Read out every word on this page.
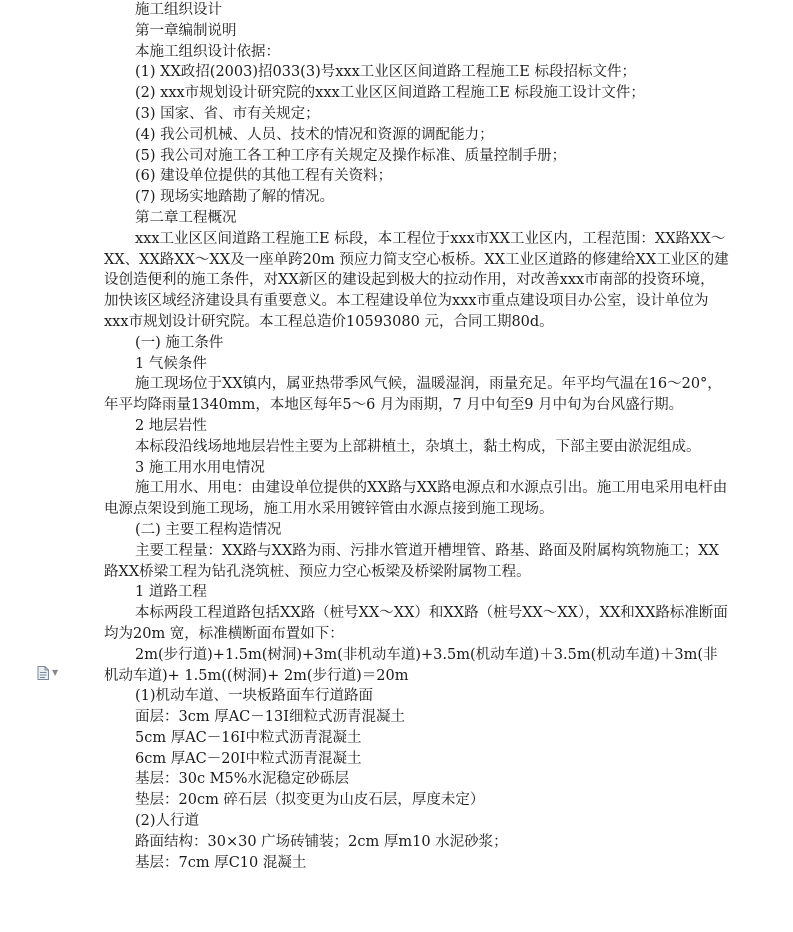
施工组织设计

第一章编制说明

本施工组织设计依据：

(1) XX政招(2003)招033(3)号xxx工业区区间道路工程施工E 标段招标文件；

(2) xxx市规划设计研究院的xxx工业区区间道路工程施工E 标段施工设计文件；

(3) 国家、省、市有关规定；

(4) 我公司机械、人员、技术的情况和资源的调配能力；

(5) 我公司对施工各工种工序有关规定及操作标准、质量控制手册；

(6) 建设单位提供的其他工程有关资料；

(7) 现场实地踏勘了解的情况。

第二章工程概况

xxx工业区区间道路工程施工E 标段，本工程位于xxx市XX工业区内，工程范围：XX路XX～XX、XX路XX～XX及一座单跨20m 预应力简支空心板桥。XX工业区道路的修建给XX工业区的建设创造便利的施工条件，对XX新区的建设起到极大的拉动作用，对改善xxx市南部的投资环境，加快该区域经济建设具有重要意义。本工程建设单位为xxx市重点建设项目办公室，设计单位为xxx市规划设计研究院。本工程总造价10593080 元，合同工期80d。

(一) 施工条件

1 气候条件

施工现场位于XX镇内，属亚热带季风气候，温暖湿润，雨量充足。年平均气温在16～20°，年平均降雨量1340mm，本地区每年5～6 月为雨期，7 月中旬至9 月中旬为台风盛行期。

2 地层岩性

本标段沿线场地地层岩性主要为上部耕植土，杂填土，黏土构成，下部主要由淤泥组成。

3 施工用水用电情况

施工用水、用电：由建设单位提供的XX路与XX路电源点和水源点引出。施工用电采用电杆由电源点架设到施工现场，施工用水采用镀锌管由水源点接到施工现场。

(二) 主要工程构造情况

主要工程量：XX路与XX路为雨、污排水管道开槽埋管、路基、路面及附属构筑物施工；XX路XX桥梁工程为钻孔浇筑桩、预应力空心板梁及桥梁附属物工程。

1 道路工程

本标两段工程道路包括XX路（桩号XX～XX）和XX路（桩号XX～XX），XX和XX路标准断面均为20m 宽，标准横断面布置如下：

2m(步行道)+1.5m(树洞)+3m(非机动车道)+3.5m(机动车道)＋3.5m(机动车道)＋3m(非机动车道)+ 1.5m((树洞)+ 2m(步行道)＝20m

(1)机动车道、一块板路面车行道路面

面层：3cm 厚AC－13Ⅰ细粒式沥青混凝土

5cm 厚AC－16Ⅰ中粒式沥青混凝土

6cm 厚AC－20Ⅰ中粒式沥青混凝土

基层：30c M5%水泥稳定砂砾层

垫层：20cm 碎石层（拟变更为山皮石层，厚度未定）

(2)人行道

路面结构：30×30 广场砖铺装；2cm 厚m10 水泥砂浆；

基层：7cm 厚C10 混凝土

▼
